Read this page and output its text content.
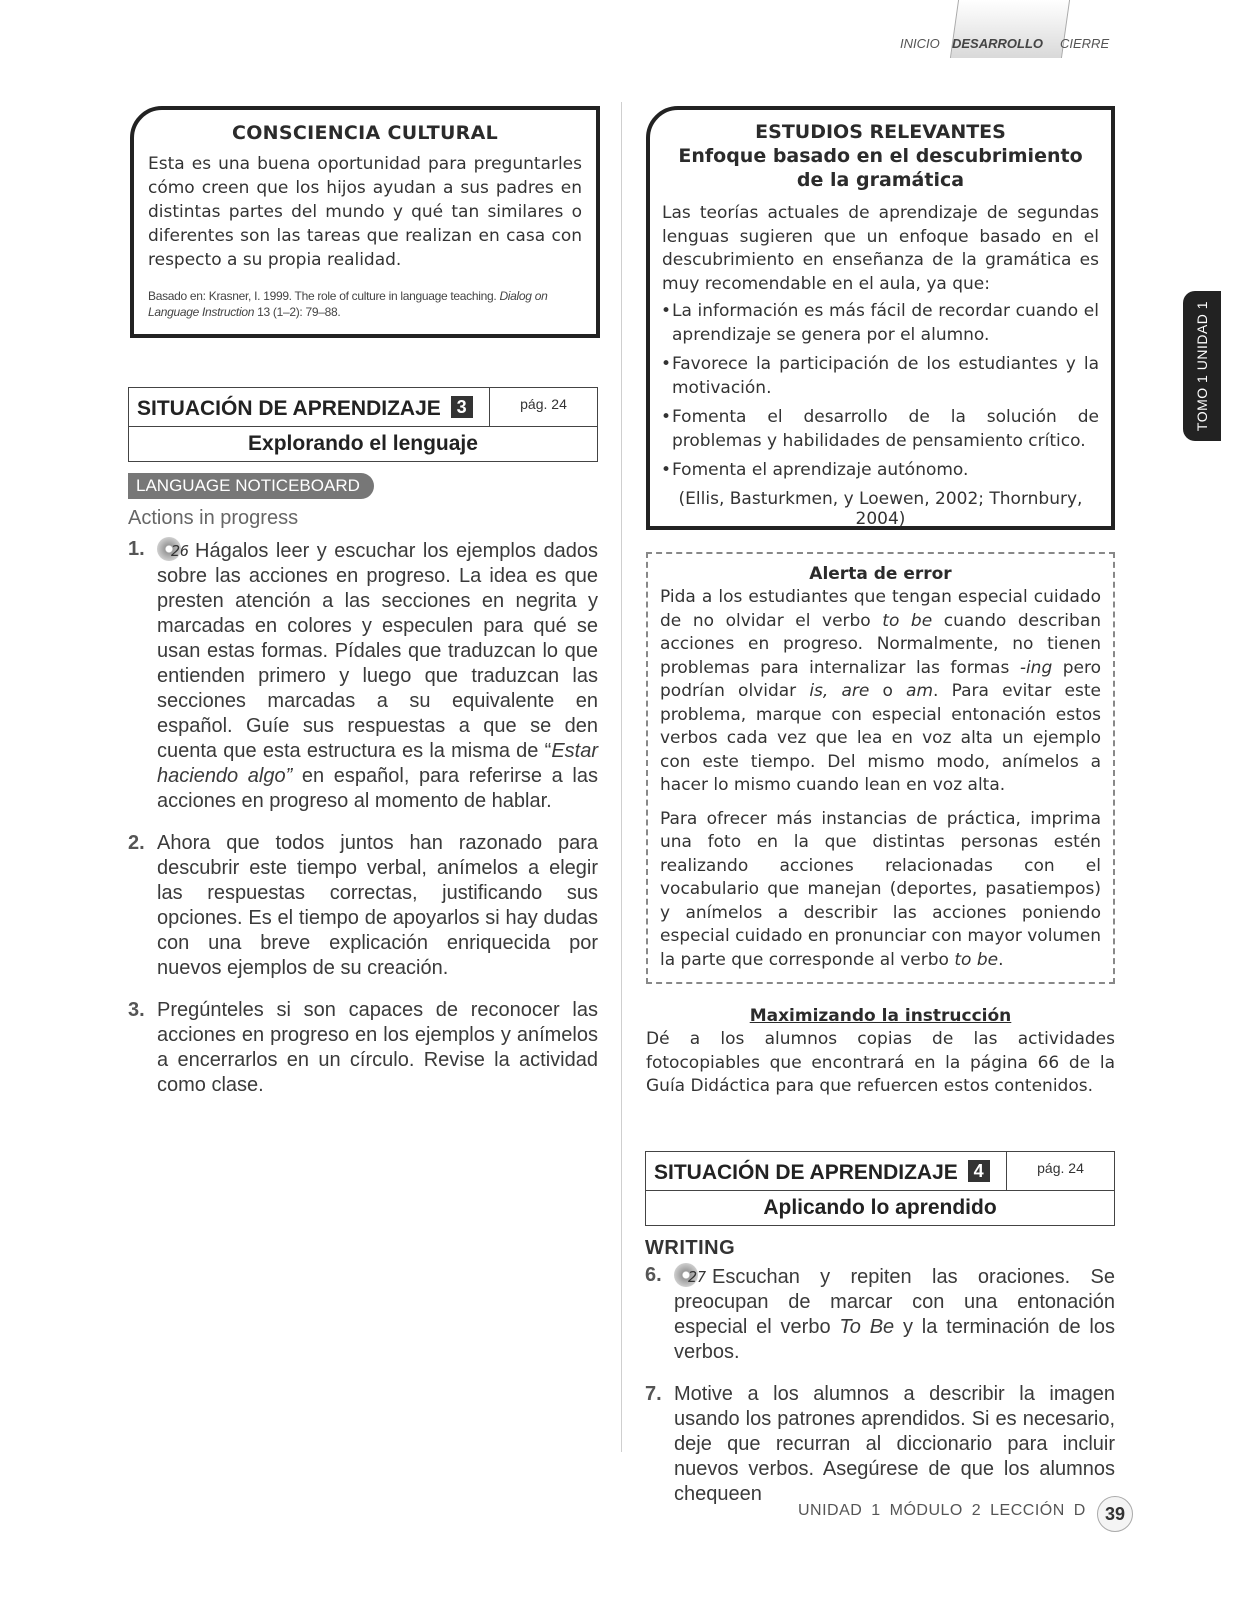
INICIO DESARROLLO CIERRE
CONSCIENCIA CULTURAL

Esta es una buena oportunidad para preguntarles cómo creen que los hijos ayudan a sus padres en distintas partes del mundo y qué tan similares o diferentes son las tareas que realizan en casa con respecto a su propia realidad.

Basado en: Krasner, I. 1999. The role of culture in language teaching. Dialog on Language Instruction 13 (1–2): 79–88.

SITUACIÓN DE APRENDIZAJE 3	pág. 24
Explorando el lenguaje
LANGUAGE NOTICEBOARD
Actions in progress
1. 26 Hágalos leer y escuchar los ejemplos dados sobre las acciones en progreso. La idea es que presten atención a las secciones en negrita y marcadas en colores y especulen para qué se usan estas formas. Pídales que traduzcan lo que entienden primero y luego que traduzcan las secciones marcadas a su equivalente en español. Guíe sus respuestas a que se den cuenta que esta estructura es la misma de “Estar haciendo algo” en español, para referirse a las acciones en progreso al momento de hablar.
2. Ahora que todos juntos han razonado para descubrir este tiempo verbal, anímelos a elegir las respuestas correctas, justificando sus opciones. Es el tiempo de apoyarlos si hay dudas con una breve explicación enriquecida por nuevos ejemplos de su creación.
3. Pregúnteles si son capaces de reconocer las acciones en progreso en los ejemplos y anímelos a encerrarlos en un círculo. Revise la actividad como clase.
ESTUDIOS RELEVANTES
Enfoque basado en el descubrimiento
de la gramática

Las teorías actuales de aprendizaje de segundas lenguas sugieren que un enfoque basado en el descubrimiento en enseñanza de la gramática es muy recomendable en el aula, ya que:

• La información es más fácil de recordar cuando el aprendizaje se genera por el alumno.
• Favorece la participación de los estudiantes y la motivación.
• Fomenta el desarrollo de la solución de problemas y habilidades de pensamiento crítico.
• Fomenta el aprendizaje autónomo.

(Ellis, Basturkmen, y Loewen, 2002; Thornbury, 2004)

Alerta de error

Pida a los estudiantes que tengan especial cuidado de no olvidar el verbo to be cuando describan acciones en progreso. Normalmente, no tienen problemas para internalizar las formas -ing pero podrían olvidar is, are o am. Para evitar este problema, marque con especial entonación estos verbos cada vez que lea en voz alta un ejemplo con este tiempo. Del mismo modo, anímelos a hacer lo mismo cuando lean en voz alta.

Para ofrecer más instancias de práctica, imprima una foto en la que distintas personas estén realizando acciones relacionadas con el vocabulario que manejan (deportes, pasatiempos) y anímelos a describir las acciones poniendo especial cuidado en pronunciar con mayor volumen la parte que corresponde al verbo to be.

Maximizando la instrucción

Dé a los alumnos copias de las actividades fotocopiables que encontrará en la página 66 de la Guía Didáctica para que refuercen estos contenidos.

SITUACIÓN DE APRENDIZAJE 4	pág. 24
Aplicando lo aprendido
WRITING
6. 27 Escuchan y repiten las oraciones. Se preocupan de marcar con una entonación especial el verbo To Be y la terminación de los verbos.
7. Motive a los alumnos a describir la imagen usando los patrones aprendidos. Si es necesario, deje que recurran al diccionario para incluir nuevos verbos. Asegúrese de que los alumnos chequeen
TOMO 1 UNIDAD 1
UNIDAD 1 MÓDULO 2 LECCIÓN D	39
